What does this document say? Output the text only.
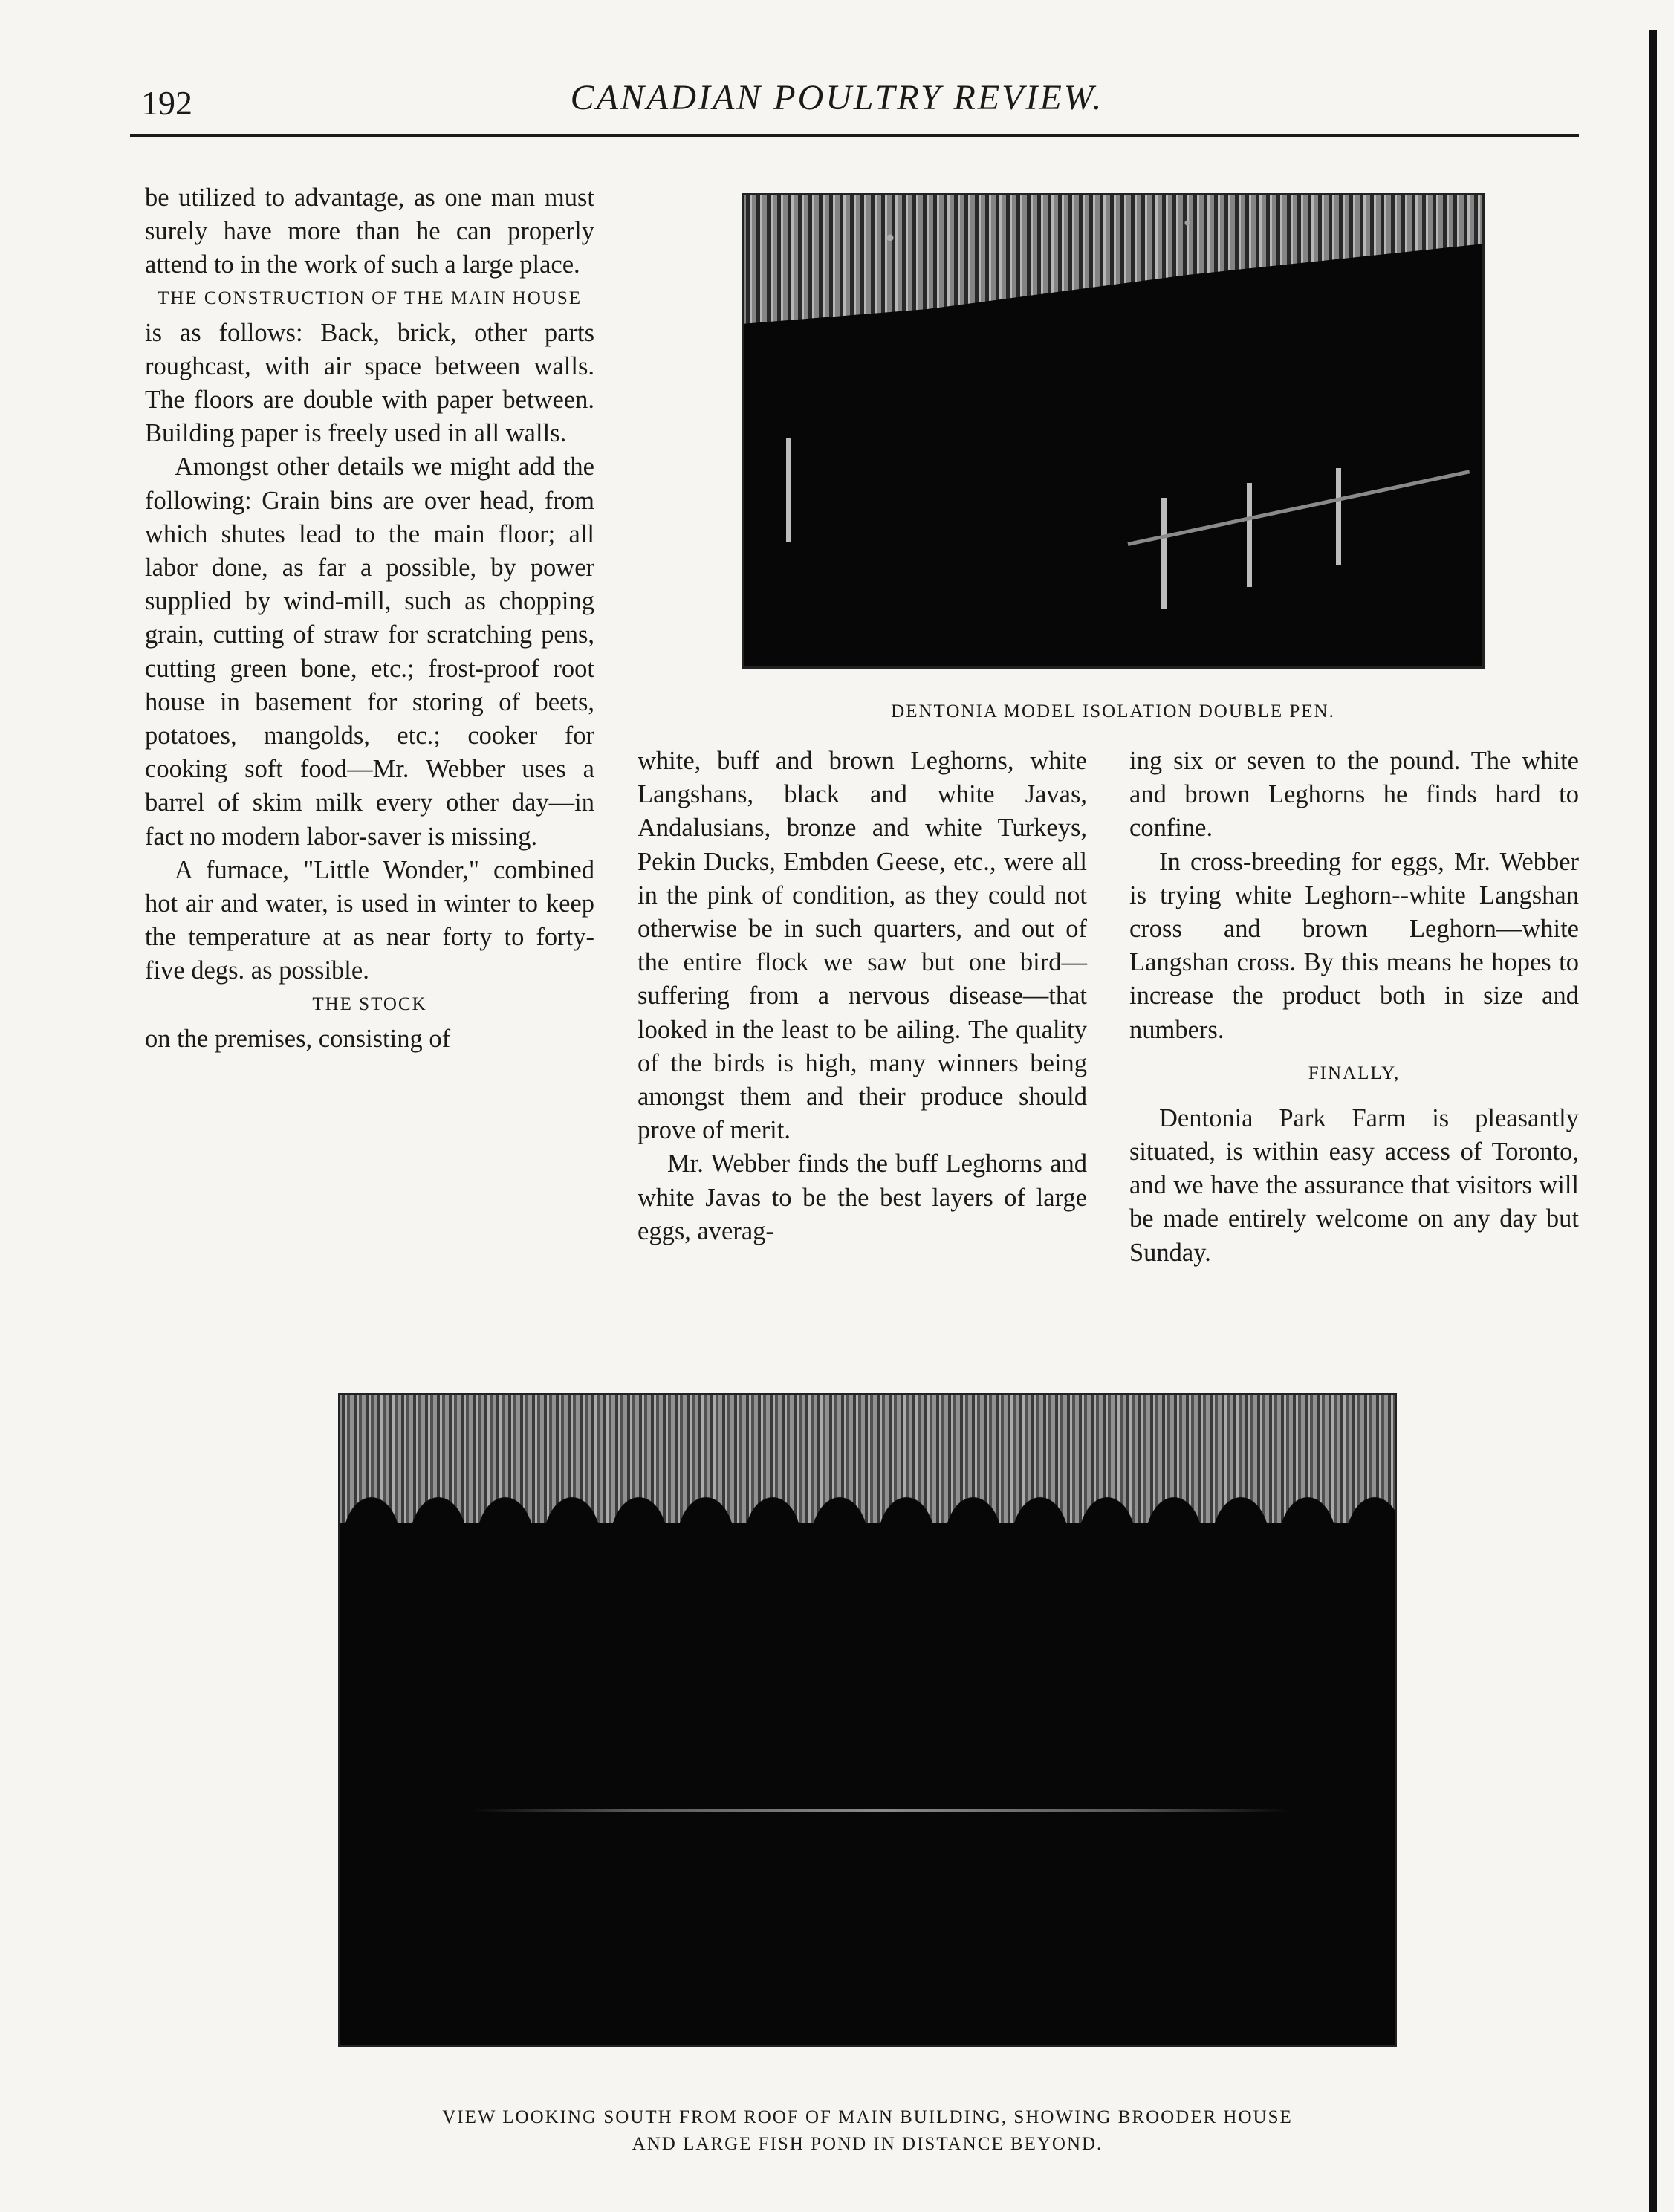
192	CANADIAN POULTRY REVIEW.

be utilized to advantage, as one man must surely have more than he can properly attend to in the work of such a large place.

THE CONSTRUCTION OF THE MAIN HOUSE

is as follows: Back, brick, other parts roughcast, with air space between walls. The floors are double with paper between. Building paper is freely used in all walls.

Amongst other details we might add the following: Grain bins are over head, from which shutes lead to the main floor; all labor done, as far a possible, by power supplied by wind-mill, such as chopping grain, cutting of straw for scratching pens, cutting green bone, etc.; frost-proof root house in basement for storing of beets, potatoes, mangolds, etc.; cooker for cooking soft food—Mr. Webber uses a barrel of skim milk every other day—in fact no modern labor-saver is missing.

A furnace, "Little Wonder," combined hot air and water, is used in winter to keep the temperature at as near forty to forty-five degs. as possible.

THE STOCK

on the premises, consisting of

DENTONIA MODEL ISOLATION DOUBLE PEN.

white, buff and brown Leghorns, white Langshans, black and white Javas, Andalusians, bronze and white Turkeys, Pekin Ducks, Embden Geese, etc., were all in the pink of condition, as they could not otherwise be in such quarters, and out of the entire flock we saw but one bird—suffering from a nervous disease—that looked in the least to be ailing. The quality of the birds is high, many winners being amongst them and their produce should prove of merit.

Mr. Webber finds the buff Leghorns and white Javas to be the best layers of large eggs, averag-

ing six or seven to the pound. The white and brown Leghorns he finds hard to confine.

In cross-breeding for eggs, Mr. Webber is trying white Leghorn--white Langshan cross and brown Leghorn—white Langshan cross. By this means he hopes to increase the product both in size and numbers.

FINALLY,

Dentonia Park Farm is pleasantly situated, is within easy access of Toronto, and we have the assurance that visitors will be made entirely welcome on any day but Sunday.

VIEW LOOKING SOUTH FROM ROOF OF MAIN BUILDING, SHOWING BROODER HOUSE
AND LARGE FISH POND IN DISTANCE BEYOND.
